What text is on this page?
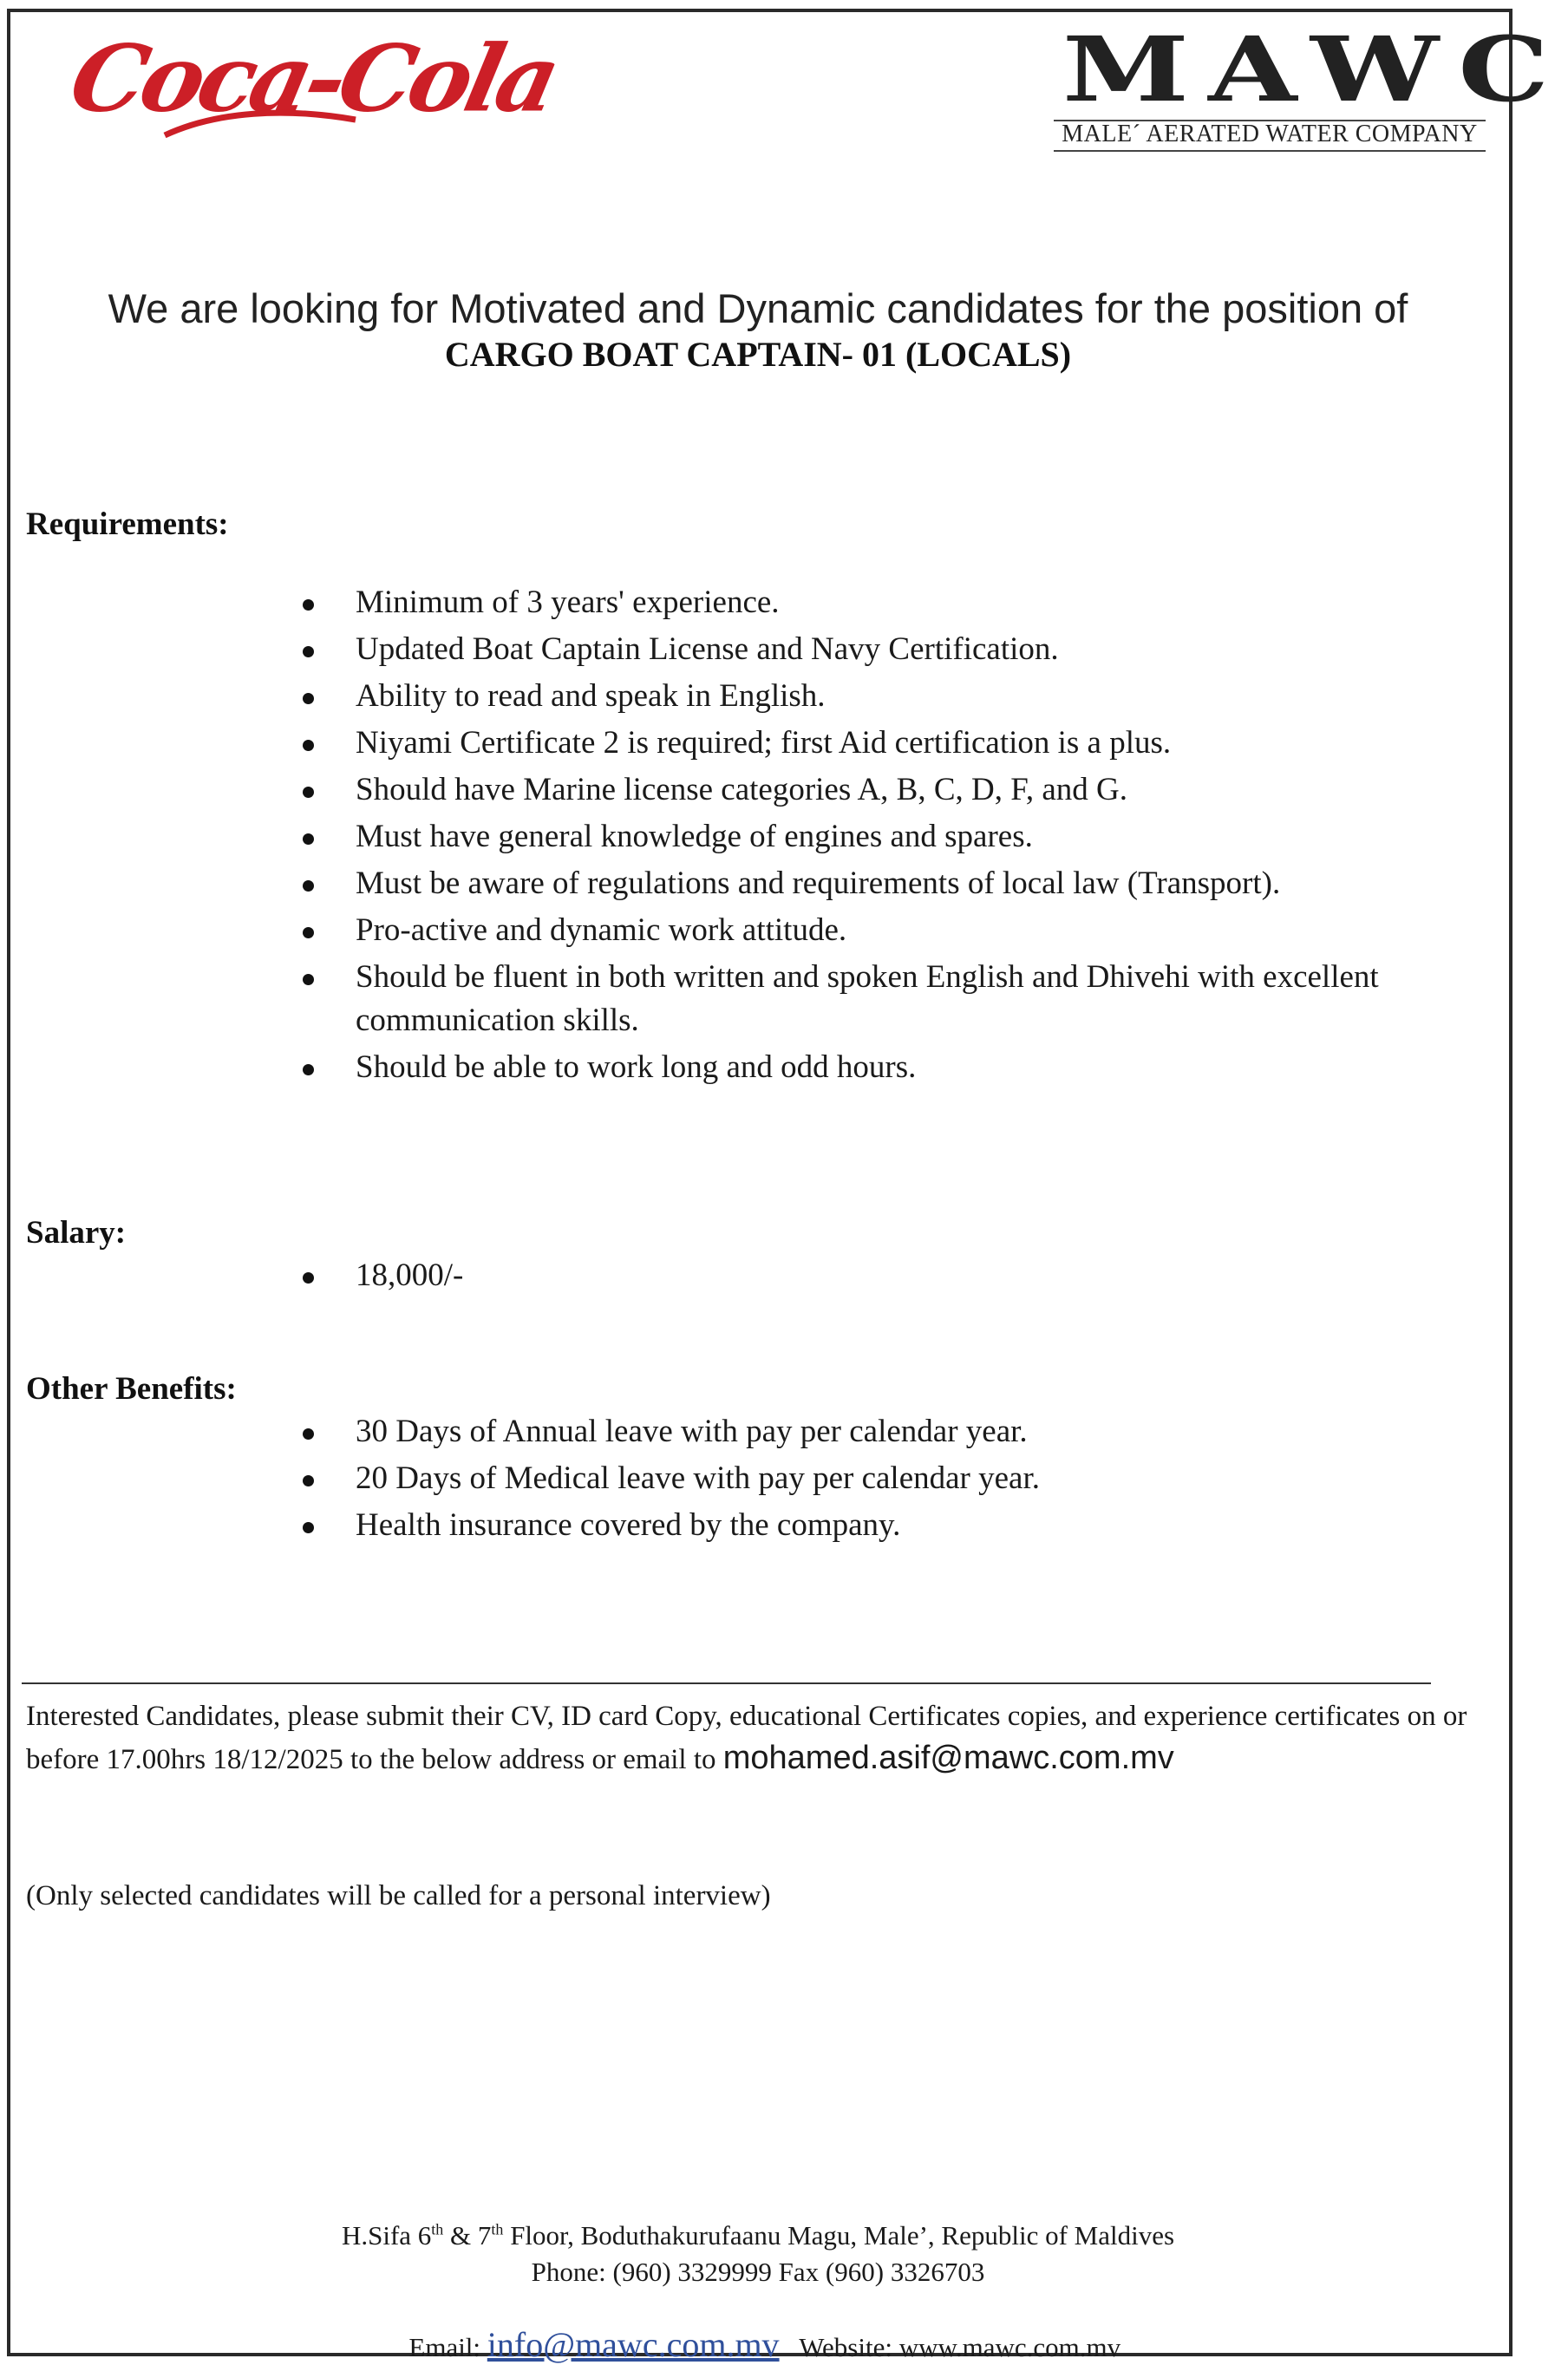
Coca-Cola	MAWC
MALE´ AERATED WATER COMPANY
We are looking for Motivated and Dynamic candidates for the position of
CARGO BOAT CAPTAIN- 01 (LOCALS)
Requirements:
Minimum of 3 years' experience.
Updated Boat Captain License and Navy Certification.
Ability to read and speak in English.
Niyami Certificate 2 is required; first Aid certification is a plus.
Should have Marine license categories A, B, C, D, F, and G.
Must have general knowledge of engines and spares.
Must be aware of regulations and requirements of local law (Transport).
Pro-active and dynamic work attitude.
Should be fluent in both written and spoken English and Dhivehi with excellent communication skills.
Should be able to work long and odd hours.
Salary:
18,000/-
Other Benefits:
30 Days of Annual leave with pay per calendar year.
20 Days of Medical leave with pay per calendar year.
Health insurance covered by the company.
Interested Candidates, please submit their CV, ID card Copy, educational Certificates copies, and experience certificates on or before 17.00hrs 18/12/2025 to the below address or email to mohamed.asif@mawc.com.mv
(Only selected candidates will be called for a personal interview)
H.Sifa 6th & 7th Floor, Boduthakurufaanu Magu, Male’, Republic of Maldives
Phone: (960) 3329999 Fax (960) 3326703

Email: info@mawc.com.mv   Website: www.mawc.com.mv
